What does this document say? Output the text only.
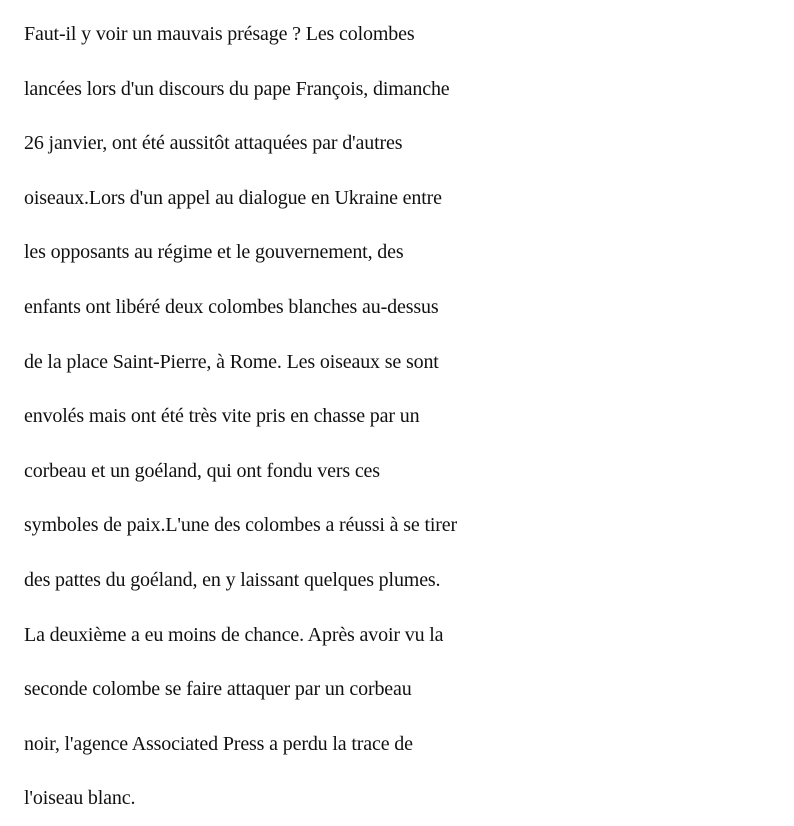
Faut-il y voir un mauvais présage ? Les colombes
lancées lors d'un discours du pape François, dimanche
26 janvier, ont été aussitôt attaquées par d'autres
oiseaux.Lors d'un appel au dialogue en Ukraine entre
les opposants au régime et le gouvernement, des
enfants ont libéré deux colombes blanches au-dessus
de la place Saint-Pierre, à Rome. Les oiseaux se sont
envolés mais ont été très vite pris en chasse par un
corbeau et un goéland, qui ont fondu vers ces
symboles de paix.L'une des colombes a réussi à se tirer
des pattes du goéland, en y laissant quelques plumes.
La deuxième a eu moins de chance. Après avoir vu la
seconde colombe se faire attaquer par un corbeau
noir, l'agence Associated Press a perdu la trace de
l'oiseau blanc.
